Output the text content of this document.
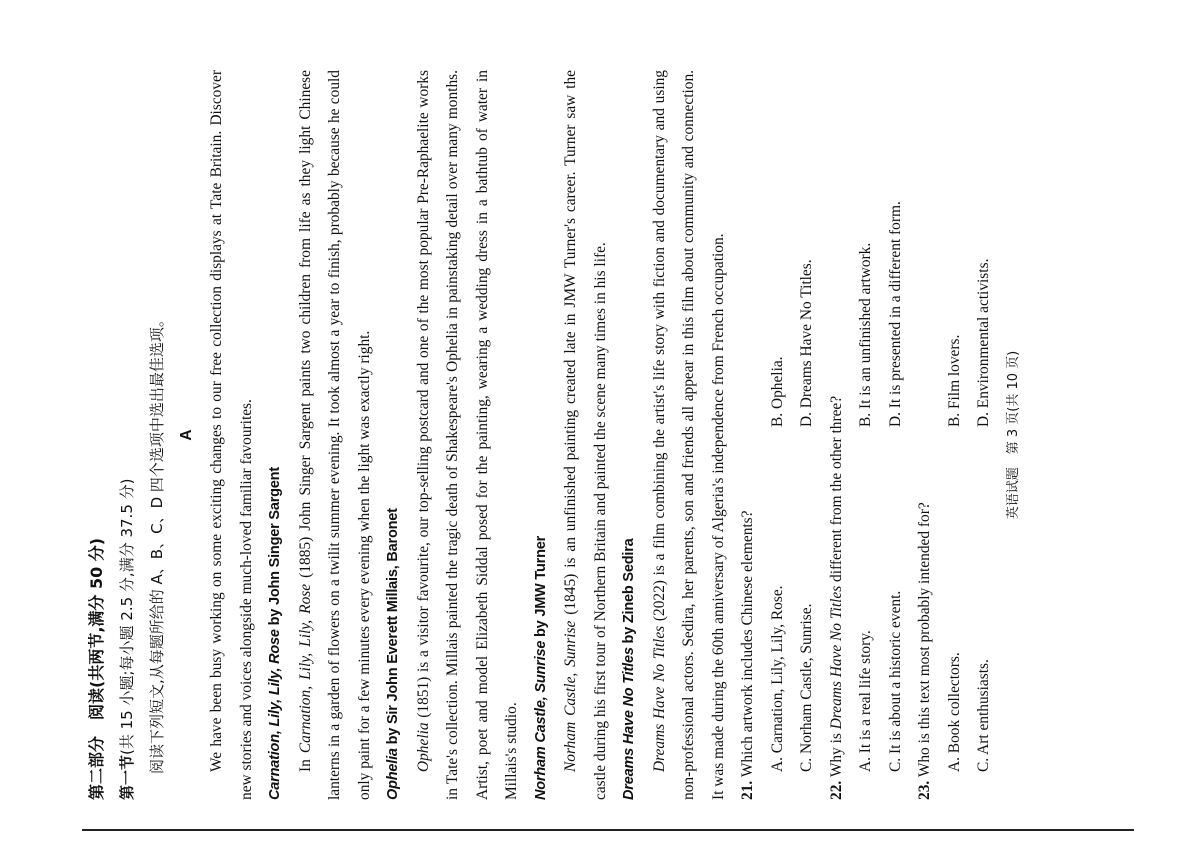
第二部分　阅读(共两节,满分 50 分) 第一节(共 15 小题;每小题 2.5 分,满分 37.5 分) 阅读下列短文,从每题所给的 A、B、C、D 四个选项中选出最佳选项。 A We have been busy working on some exciting changes to our free collection displays at Tate Britain. Discover new stories and voices alongside much-loved familiar favourites. Carnation, Lily, Lily, Rose by John Singer Sargent

In Carnation, Lily, Lily, Rose (1885) John Singer Sargent paints two children from life as they light Chinese lanterns in a garden of flowers on a twilit summer evening. It took almost a year to finish, probably because he could only paint for a few minutes every evening when the light was exactly right. Ophelia by Sir John Everett Millais, Baronet Ophelia (1851) is a visitor favourite, our top-selling postcard and one of the most popular Pre-Raphaelite works in Tate's collection. Millais painted the tragic death of Shakespeare's Ophelia in painstaking detail over many months. Artist, poet and model Elizabeth Siddal posed for the painting, wearing a wedding dress in a bathtub of water in Millais's studio. Norham Castle, Sunrise by JMW Turner

Norham Castle, Sunrise (1845) is an unfinished painting created late in JMW Turner's career. Turner saw the castle during his first tour of Northern Britain and painted the scene many times in his life. Dreams Have No Titles by Zineb Sedira

Dreams Have No Titles (2022) is a film combining the artist's life story with fiction and documentary and using non-professional actors. Sedira, her parents, son and friends all appear in this film about community and connection. It was made during the 60th anniversary of Algeria's independence from French occupation. 21. Which artwork includes Chinese elements? A. Carnation, Lily, Lily, Rose.
B. Ophelia.
C. Norham Castle, Sunrise.
D. Dreams Have No Titles.
22. Why is Dreams Have No Titles different from the other three?
A. It is a real life story.
B. It is an unfinished artwork.
C. It is about a historic event.
D. It is presented in a different form.
23. Who is this text most probably intended for? A. Book collectors.
B. Film lovers.
C. Art enthusiasts.
D. Environmental activists.
英语试题　第 3 页(共 10 页)
